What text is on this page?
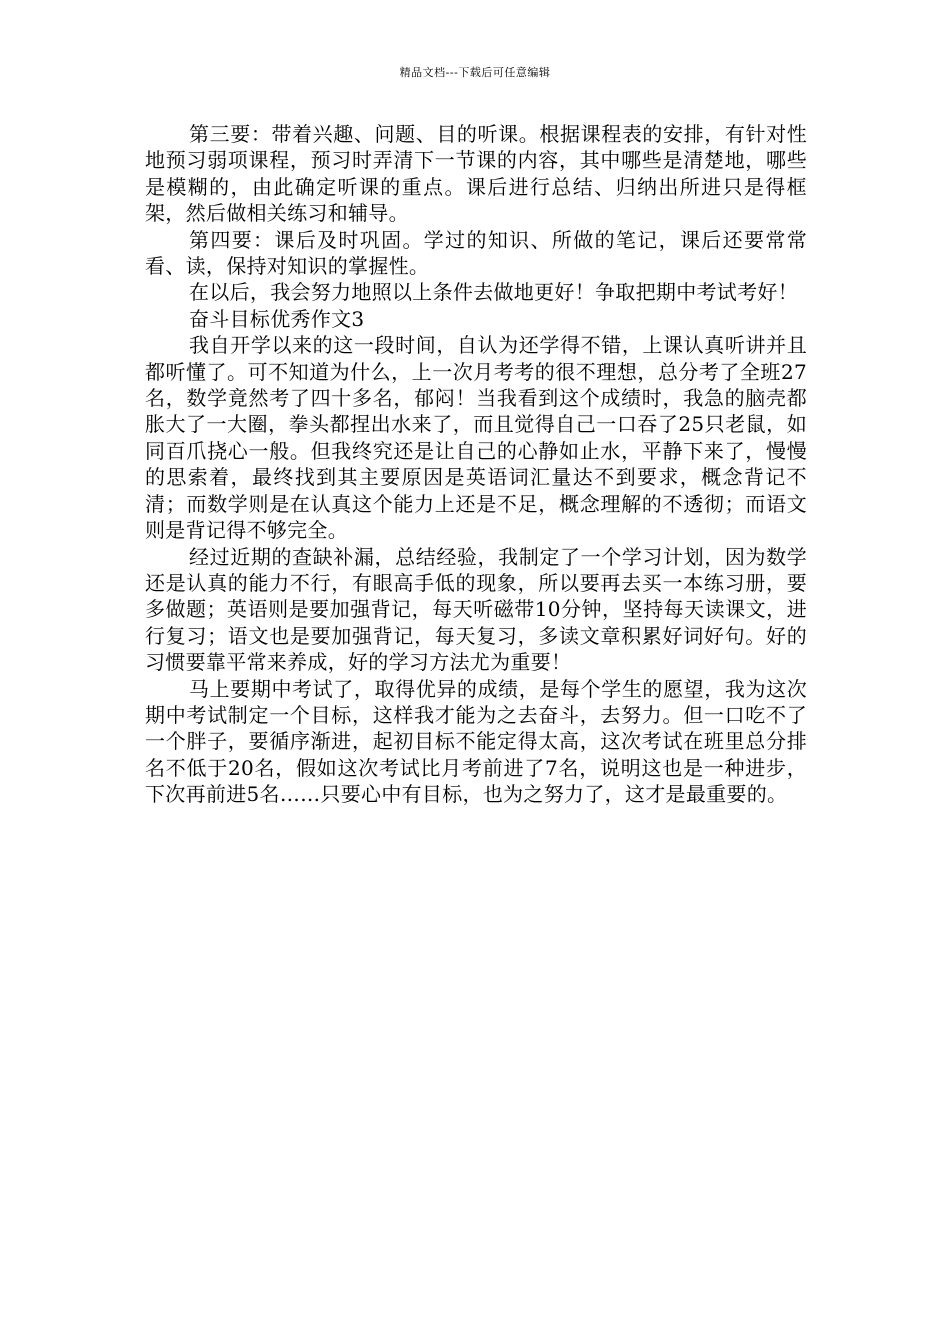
精品文档---下载后可任意编辑

第三要：带着兴趣、问题、目的听课。根据课程表的安排，有针对性地预习弱项课程，预习时弄清下一节课的内容，其中哪些是清楚地，哪些是模糊的，由此确定听课的重点。课后进行总结、归纳出所进只是得框架，然后做相关练习和辅导。

第四要：课后及时巩固。学过的知识、所做的笔记，课后还要常常看、读，保持对知识的掌握性。

在以后，我会努力地照以上条件去做地更好！争取把期中考试考好！

奋斗目标优秀作文3

我自开学以来的这一段时间，自认为还学得不错，上课认真听讲并且都听懂了。可不知道为什么，上一次月考考的很不理想，总分考了全班27名，数学竟然考了四十多名，郁闷！当我看到这个成绩时，我急的脑壳都胀大了一大圈，拳头都捏出水来了，而且觉得自己一口吞了25只老鼠，如同百爪挠心一般。但我终究还是让自己的心静如止水，平静下来了，慢慢的思索着，最终找到其主要原因是英语词汇量达不到要求，概念背记不清；而数学则是在认真这个能力上还是不足，概念理解的不透彻；而语文则是背记得不够完全。

经过近期的查缺补漏，总结经验，我制定了一个学习计划，因为数学还是认真的能力不行，有眼高手低的现象，所以要再去买一本练习册，要多做题；英语则是要加强背记，每天听磁带10分钟，坚持每天读课文，进行复习；语文也是要加强背记，每天复习，多读文章积累好词好句。好的习惯要靠平常来养成，好的学习方法尤为重要！

马上要期中考试了，取得优异的成绩，是每个学生的愿望，我为这次期中考试制定一个目标，这样我才能为之去奋斗，去努力。但一口吃不了一个胖子，要循序渐进，起初目标不能定得太高，这次考试在班里总分排名不低于20名，假如这次考试比月考前进了7名，说明这也是一种进步，下次再前进5名……只要心中有目标，也为之努力了，这才是最重要的。
